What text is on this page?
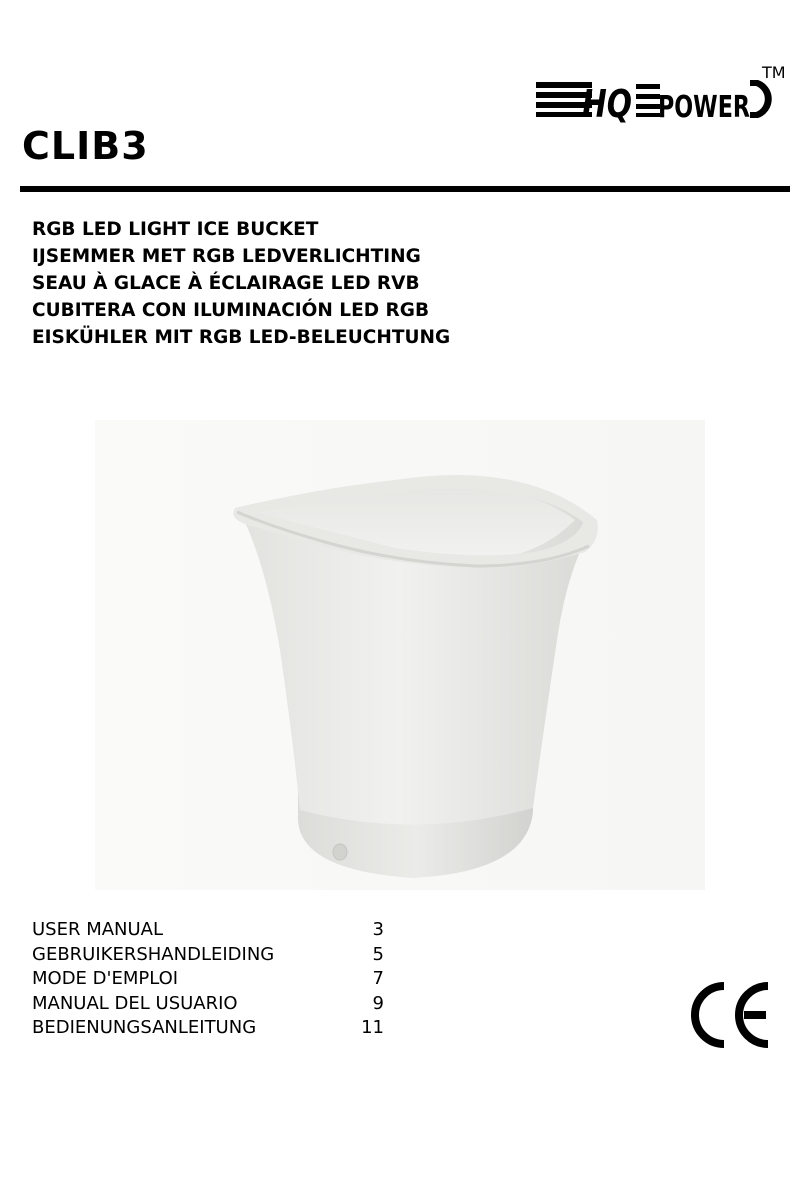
HQ POWER
TM
CLIB3
RGB LED LIGHT ICE BUCKET
IJSEMMER MET RGB LEDVERLICHTING
SEAU À GLACE À ÉCLAIRAGE LED RVB
CUBITERA CON ILUMINACIÓN LED RGB
EISKÜHLER MIT RGB LED-BELEUCHTUNG
USER MANUAL	3
GEBRUIKERSHANDLEIDING	5
MODE D'EMPLOI	7
MANUAL DEL USUARIO	9
BEDIENUNGSANLEITUNG	11
